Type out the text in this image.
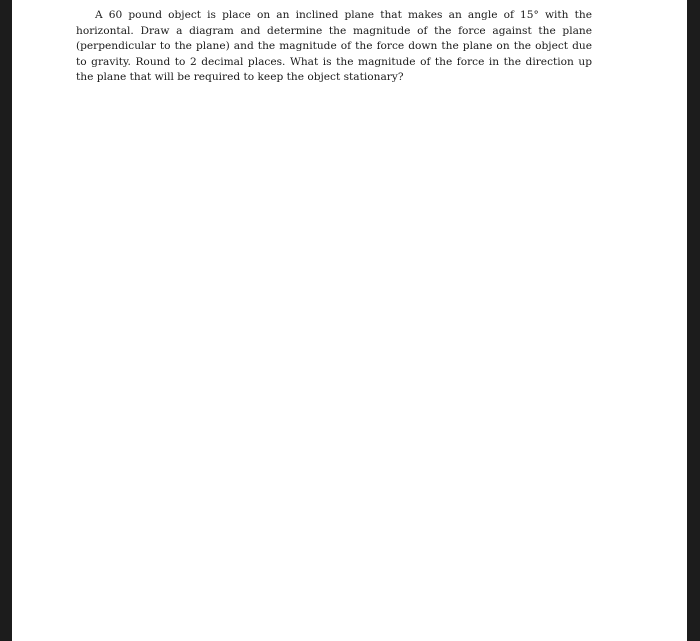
A 60 pound object is place on an inclined plane that makes an angle of 15° with the horizontal. Draw a diagram and determine the magnitude of the force against the plane (perpendicular to the plane) and the magnitude of the force down the plane on the object due to gravity. Round to 2 decimal places. What is the magnitude of the force in the direction up the plane that will be required to keep the object stationary?
